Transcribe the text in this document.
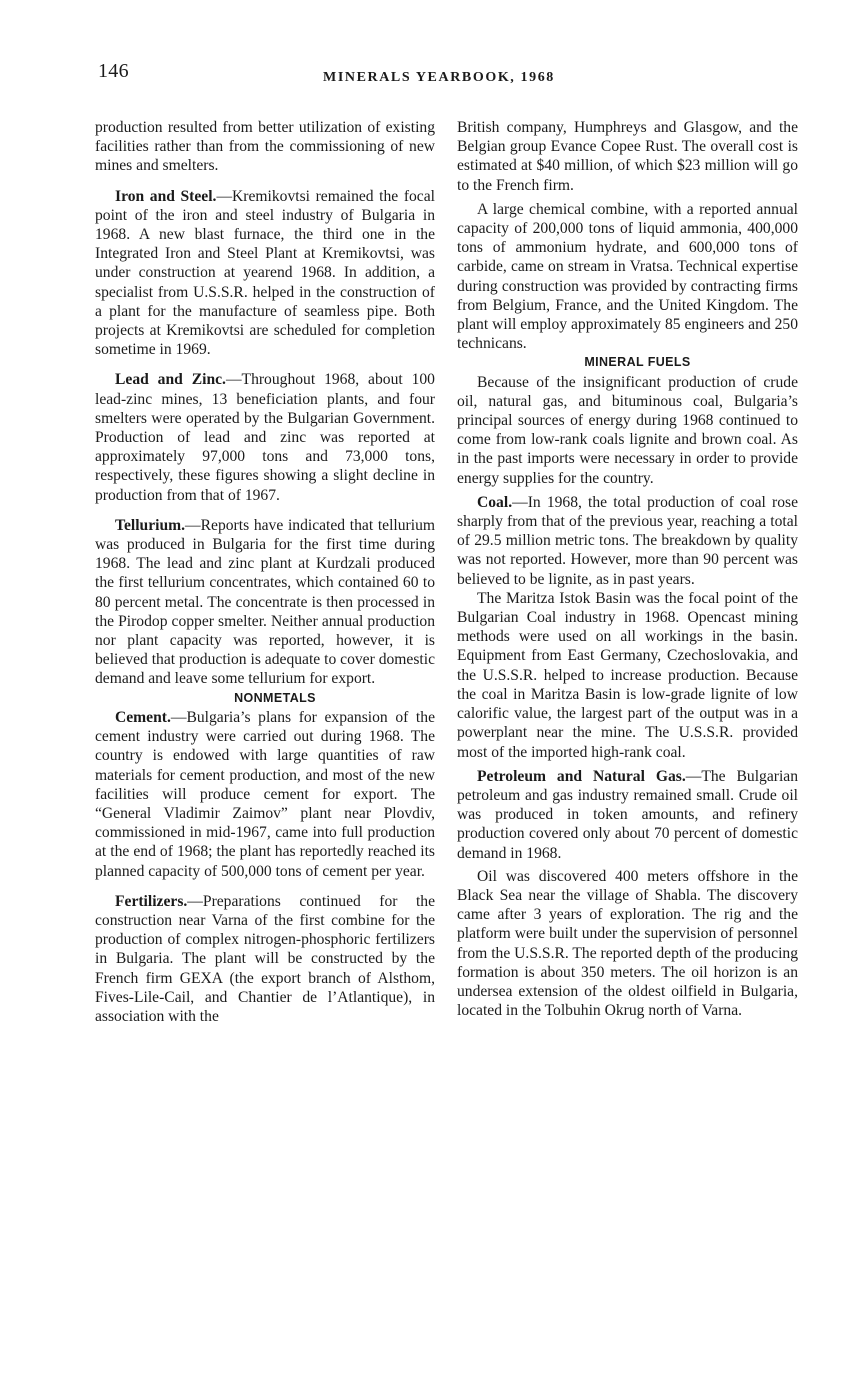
146	MINERALS YEARBOOK, 1968

production resulted from better utilization of existing facilities rather than from the commissioning of new mines and smelters.

Iron and Steel.—Kremikovtsi remained the focal point of the iron and steel industry of Bulgaria in 1968. A new blast furnace, the third one in the Integrated Iron and Steel Plant at Kremikovtsi, was under construction at yearend 1968. In addition, a specialist from U.S.S.R. helped in the construction of a plant for the manufacture of seamless pipe. Both projects at Kremikovtsi are scheduled for completion sometime in 1969.

Lead and Zinc.—Throughout 1968, about 100 lead-zinc mines, 13 beneficiation plants, and four smelters were operated by the Bulgarian Government. Production of lead and zinc was reported at approximately 97,000 tons and 73,000 tons, respectively, these figures showing a slight decline in production from that of 1967.

Tellurium.—Reports have indicated that tellurium was produced in Bulgaria for the first time during 1968. The lead and zinc plant at Kurdzali produced the first tellurium concentrates, which contained 60 to 80 percent metal. The concentrate is then processed in the Pirodop copper smelter. Neither annual production nor plant capacity was reported, however, it is believed that production is adequate to cover domestic demand and leave some tellurium for export.

NONMETALS

Cement.—Bulgaria’s plans for expansion of the cement industry were carried out during 1968. The country is endowed with large quantities of raw materials for cement production, and most of the new facilities will produce cement for export. The “General Vladimir Zaimov” plant near Plovdiv, commissioned in mid-1967, came into full production at the end of 1968; the plant has reportedly reached its planned capacity of 500,000 tons of cement per year.

Fertilizers.—Preparations continued for the construction near Varna of the first combine for the production of complex nitrogen-phosphoric fertilizers in Bulgaria. The plant will be constructed by the French firm GEXA (the export branch of Alsthom, Fives-Lile-Cail, and Chantier de l’Atlantique), in association with the

British company, Humphreys and Glasgow, and the Belgian group Evance Copee Rust. The overall cost is estimated at $40 million, of which $23 million will go to the French firm.

A large chemical combine, with a reported annual capacity of 200,000 tons of liquid ammonia, 400,000 tons of ammonium hydrate, and 600,000 tons of carbide, came on stream in Vratsa. Technical expertise during construction was provided by contracting firms from Belgium, France, and the United Kingdom. The plant will employ approximately 85 engineers and 250 technicans.

MINERAL FUELS

Because of the insignificant production of crude oil, natural gas, and bituminous coal, Bulgaria’s principal sources of energy during 1968 continued to come from low-rank coals lignite and brown coal. As in the past imports were necessary in order to provide energy supplies for the country.

Coal.—In 1968, the total production of coal rose sharply from that of the previous year, reaching a total of 29.5 million metric tons. The breakdown by quality was not reported. However, more than 90 percent was believed to be lignite, as in past years.

The Maritza Istok Basin was the focal point of the Bulgarian Coal industry in 1968. Opencast mining methods were used on all workings in the basin. Equipment from East Germany, Czechoslovakia, and the U.S.S.R. helped to increase production. Because the coal in Maritza Basin is low-grade lignite of low calorific value, the largest part of the output was in a powerplant near the mine. The U.S.S.R. provided most of the imported high-rank coal.

Petroleum and Natural Gas.—The Bulgarian petroleum and gas industry remained small. Crude oil was produced in token amounts, and refinery production covered only about 70 percent of domestic demand in 1968.

Oil was discovered 400 meters offshore in the Black Sea near the village of Shabla. The discovery came after 3 years of exploration. The rig and the platform were built under the supervision of personnel from the U.S.S.R. The reported depth of the producing formation is about 350 meters. The oil horizon is an undersea extension of the oldest oilfield in Bulgaria, located in the Tolbuhin Okrug north of Varna.
